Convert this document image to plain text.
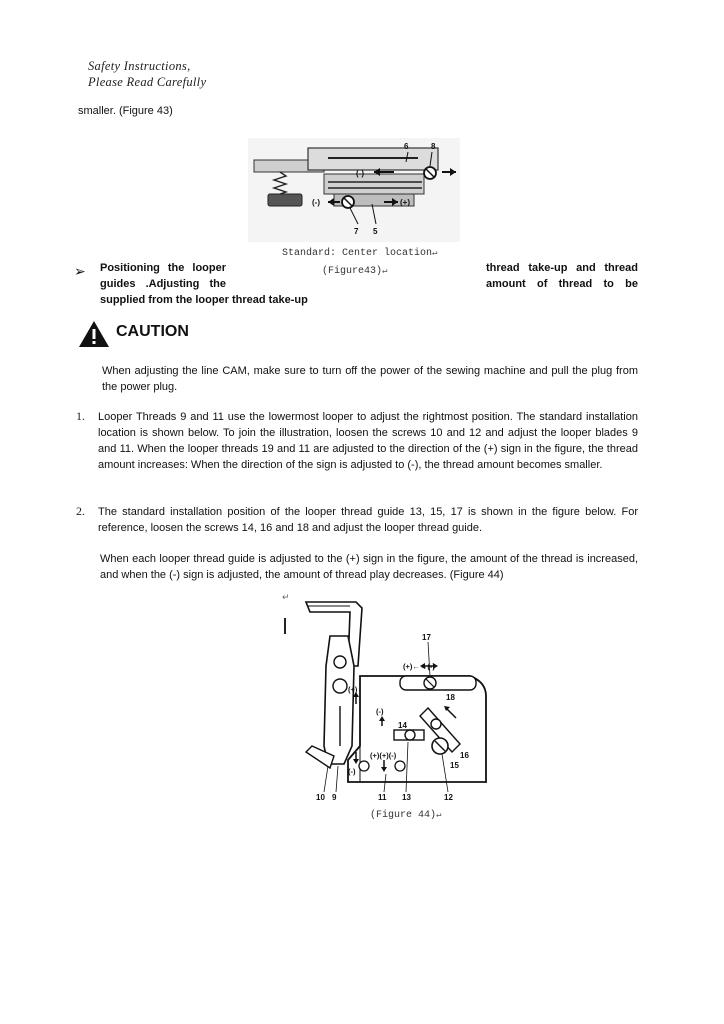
Safety Instructions,
Please Read Carefully
smaller. (Figure 43)
6	8
7 5
(-)
(-)	(+)
Standard: Center location↵
(Figure43)↵
➢ Positioning the looper
guides .Adjusting the
supplied from the looper thread take-up
thread take-up and thread
amount of thread to be
CAUTION
When adjusting the line CAM, make sure to turn off the power of the sewing machine and pull the plug from the power plug.
1. Looper Threads 9 and 11 use the lowermost looper to adjust the rightmost position. The standard installation location is shown below. To join the illustration, loosen the screws 10 and 12 and adjust the looper blades 9 and 11. When the looper threads 19 and 11 are adjusted to the direction of the (+) sign in the figure, the thread amount increases: When the direction of the sign is adjusted to (-), the thread amount becomes smaller.
2. The standard installation position of the looper thread guide 13, 15, 17 is shown in the figure below. For reference, loosen the screws 14, 16 and 18 and adjust the looper thread guide.
When each looper thread guide is adjusted to the (+) sign in the figure, the amount of the thread is increased, and when the (-) sign is adjusted, the amount of thread play decreases. (Figure 44)
↵
17
(+)←→(-)
18
(+)
(-)
(-)
14
16
15
(+)(+)(-)
10 9	11 13	12
(Figure 44)↵
